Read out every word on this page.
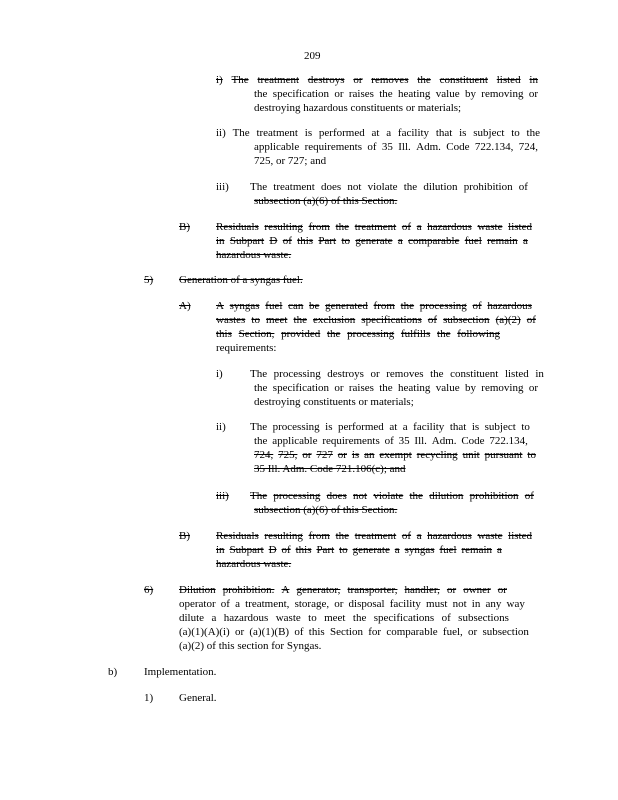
209
i) The treatment destroys or removes the constituent listed in
the specification or raises the heating value by removing or
destroying hazardous constituents or materials;
ii) The treatment is performed at a facility that is subject to the
applicable requirements of 35 Ill. Adm. Code 722.134, 724,
725, or 727; and
iii) The treatment does not violate the dilution prohibition of
subsection (a)(6) of this Section.
B) Residuals resulting from the treatment of a hazardous waste listed
in Subpart D of this Part to generate a comparable fuel remain a
hazardous waste.
5) Generation of a syngas fuel.
A) A syngas fuel can be generated from the processing of hazardous
wastes to meet the exclusion specifications of subsection (a)(2) of
this Section, provided the processing fulfills the following
requirements:
i) The processing destroys or removes the constituent listed in
the specification or raises the heating value by removing or
destroying constituents or materials;
ii) The processing is performed at a facility that is subject to
the applicable requirements of 35 Ill. Adm. Code 722.134,
724, 725, or 727 or is an exempt recycling unit pursuant to
35 Ill. Adm. Code 721.106(c); and
iii) The processing does not violate the dilution prohibition of
subsection (a)(6) of this Section.
B) Residuals resulting from the treatment of a hazardous waste listed
in Subpart D of this Part to generate a syngas fuel remain a
hazardous waste.
6) Dilution prohibition. A generator, transporter, handler, or owner or
operator of a treatment, storage, or disposal facility must not in any way
dilute a hazardous waste to meet the specifications of subsections
(a)(1)(A)(i) or (a)(1)(B) of this Section for comparable fuel, or subsection
(a)(2) of this section for Syngas.
b) Implementation.
1) General.
